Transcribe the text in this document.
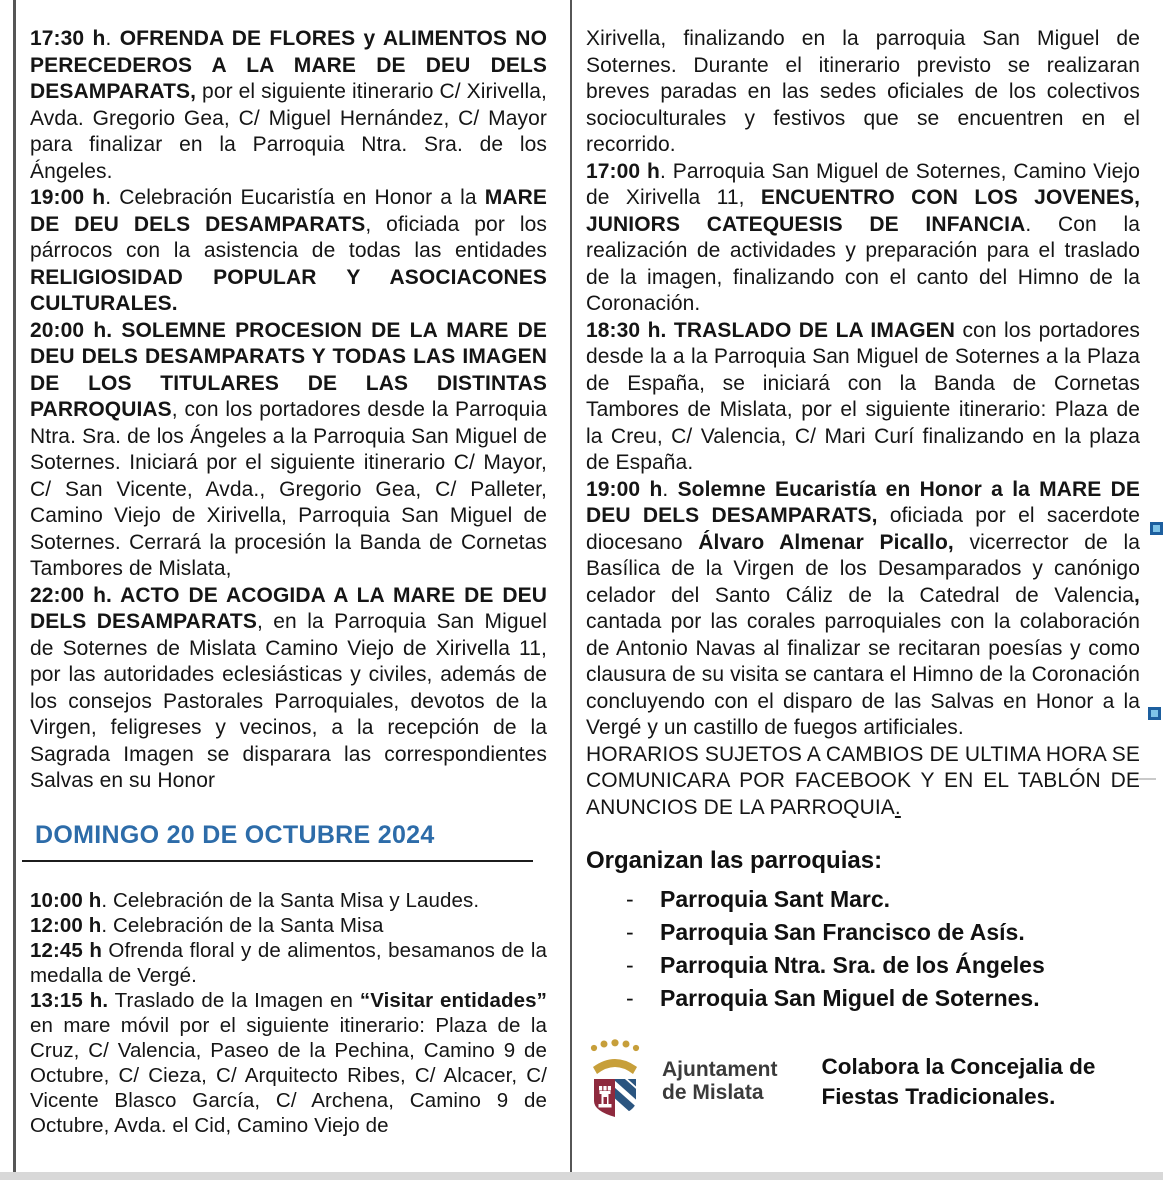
17:30 h. OFRENDA DE FLORES y ALIMENTOS NO PERECEDEROS A LA MARE DE DEU DELS DESAMPARATS, por el siguiente itinerario C/ Xirivella, Avda. Gregorio Gea, C/ Miguel Hernández, C/ Mayor para finalizar en la Parroquia Ntra. Sra. de los Ángeles.

19:00 h. Celebración Eucaristía en Honor a la MARE DE DEU DELS DESAMPARATS, oficiada por los párrocos con la asistencia de todas las entidades RELIGIOSIDAD POPULAR Y ASOCIACONES CULTURALES.

20:00 h. SOLEMNE PROCESION DE LA MARE DE DEU DELS DESAMPARATS Y TODAS LAS IMAGEN DE LOS TITULARES DE LAS DISTINTAS PARROQUIAS, con los portadores desde la Parroquia Ntra. Sra. de los Ángeles a la Parroquia San Miguel de Soternes. Iniciará por el siguiente itinerario C/ Mayor, C/ San Vicente, Avda., Gregorio Gea, C/ Palleter, Camino Viejo de Xirivella, Parroquia San Miguel de Soternes. Cerrará la procesión la Banda de Cornetas Tambores de Mislata,

22:00 h. ACTO DE ACOGIDA A LA MARE DE DEU DELS DESAMPARATS, en la Parroquia San Miguel de Soternes de Mislata Camino Viejo de Xirivella 11, por las autoridades eclesiásticas y civiles, además de los consejos Pastorales Parroquiales, devotos de la Virgen, feligreses y vecinos, a la recepción de la Sagrada Imagen se disparara las correspondientes Salvas en su Honor

DOMINGO 20 DE OCTUBRE 2024

10:00 h. Celebración de la Santa Misa y Laudes.

12:00 h. Celebración de la Santa Misa

12:45 h Ofrenda floral y de alimentos, besamanos de la medalla de Vergé.

13:15 h. Traslado de la Imagen en “Visitar entidades” en mare móvil por el siguiente itinerario: Plaza de la Cruz, C/ Valencia, Paseo de la Pechina, Camino 9 de Octubre, C/ Cieza, C/ Arquitecto Ribes, C/ Alcacer, C/ Vicente Blasco García, C/ Archena, Camino 9 de Octubre, Avda. el Cid, Camino Viejo de

Xirivella, finalizando en la parroquia San Miguel de Soternes. Durante el itinerario previsto se realizaran breves paradas en las sedes oficiales de los colectivos socioculturales y festivos que se encuentren en el recorrido.

17:00 h. Parroquia San Miguel de Soternes, Camino Viejo de Xirivella 11, ENCUENTRO CON LOS JOVENES, JUNIORS CATEQUESIS DE INFANCIA. Con la realización de actividades y preparación para el traslado de la imagen, finalizando con el canto del Himno de la Coronación.

18:30 h. TRASLADO DE LA IMAGEN con los portadores desde la a la Parroquia San Miguel de Soternes a la Plaza de España, se iniciará con la Banda de Cornetas Tambores de Mislata, por el siguiente itinerario: Plaza de la Creu, C/ Valencia, C/ Mari Curí finalizando en la plaza de España.

19:00 h. Solemne Eucaristía en Honor a la MARE DE DEU DELS DESAMPARATS, oficiada por el sacerdote diocesano Álvaro Almenar Picallo, vicerrector de la Basílica de la Virgen de los Desamparados y canónigo celador del Santo Cáliz de la Catedral de Valencia, cantada por las corales parroquiales con la colaboración de Antonio Navas al finalizar se recitaran poesías y como clausura de su visita se cantara el Himno de la Coronación concluyendo con el disparo de las Salvas en Honor a la Vergé y un castillo de fuegos artificiales.

HORARIOS SUJETOS A CAMBIOS DE ULTIMA HORA SE COMUNICARA POR FACEBOOK Y EN EL TABLÓN DE ANUNCIOS DE LA PARROQUIA.

Organizan las parroquias:

-	Parroquia Sant Marc.
-	Parroquia San Francisco de Asís.
-	Parroquia Ntra. Sra. de los Ángeles
-	Parroquia San Miguel de Soternes.
Ajuntament
de Mislata
Colabora la Concejalia de Fiestas Tradicionales.
